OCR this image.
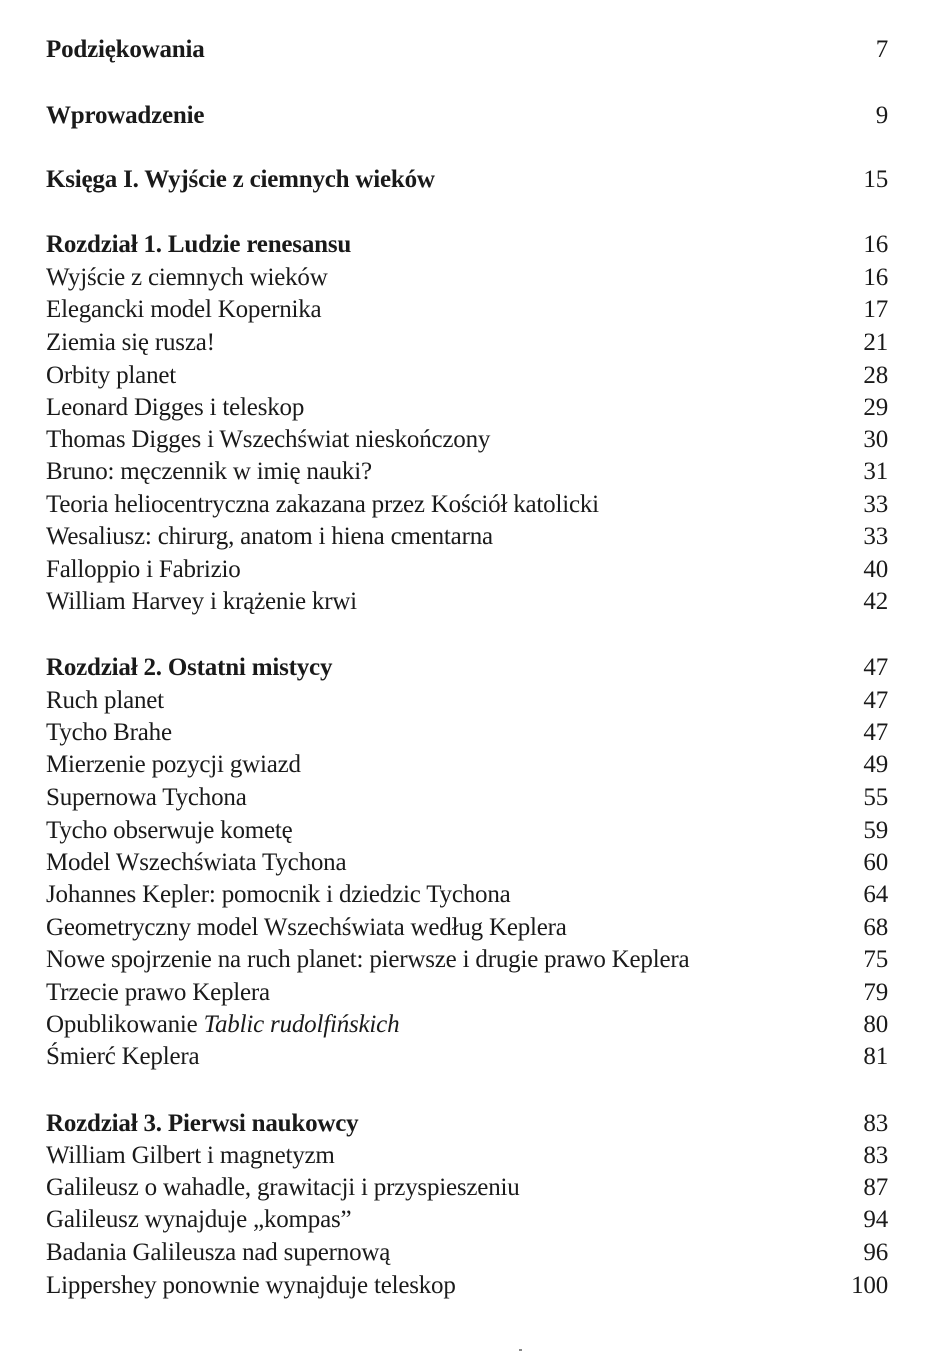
Podziękowania	7
Wprowadzenie	9
Księga I. Wyjście z ciemnych wieków	15
Rozdział 1. Ludzie renesansu	16
Wyjście z ciemnych wieków	16
Elegancki model Kopernika	17
Ziemia się rusza!	21
Orbity planet	28
Leonard Digges i teleskop	29
Thomas Digges i Wszechświat nieskończony	30
Bruno: męczennik w imię nauki?	31
Teoria heliocentryczna zakazana przez Kościół katolicki	33
Wesaliusz: chirurg, anatom i hiena cmentarna	33
Falloppio i Fabrizio	40
William Harvey i krążenie krwi	42
Rozdział 2. Ostatni mistycy	47
Ruch planet	47
Tycho Brahe	47
Mierzenie pozycji gwiazd	49
Supernowa Tychona	55
Tycho obserwuje kometę	59
Model Wszechświata Tychona	60
Johannes Kepler: pomocnik i dziedzic Tychona	64
Geometryczny model Wszechświata według Keplera	68
Nowe spojrzenie na ruch planet: pierwsze i drugie prawo Keplera	75
Trzecie prawo Keplera	79
Opublikowanie Tablic rudolfińskich	80
Śmierć Keplera	81
Rozdział 3. Pierwsi naukowcy	83
William Gilbert i magnetyzm	83
Galileusz o wahadle, grawitacji i przyspieszeniu	87
Galileusz wynajduje „kompas”	94
Badania Galileusza nad supernową	96
Lippershey ponownie wynajduje teleskop	100
